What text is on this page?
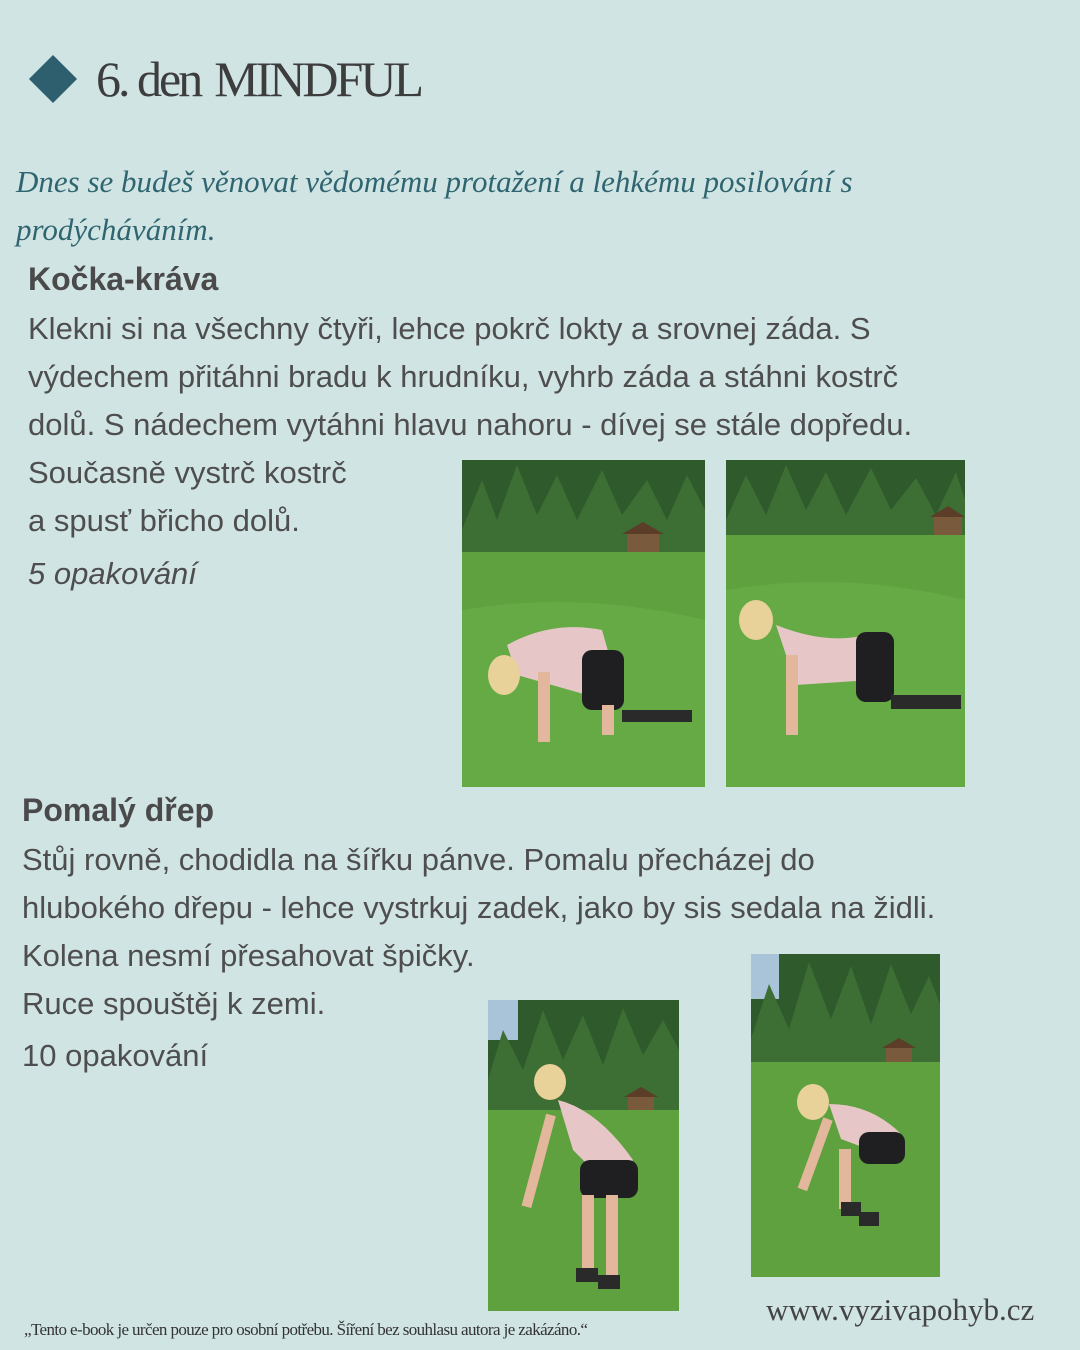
6. den MINDFUL
Dnes se budeš věnovat vědomému protažení a lehkému posilování s prodýcháváním.
Kočka-kráva
Klekni si na všechny čtyři, lehce pokrč lokty a srovnej záda. S
výdechem přitáhni bradu k hrudníku, vyhrb záda a stáhni kostrč
dolů. S nádechem vytáhni hlavu nahoru - dívej se stále dopředu.
Současně vystrč kostrč
a spusť břicho dolů.
5 opakování
Pomalý dřep
Stůj rovně, chodidla na šířku pánve. Pomalu přecházej do
hlubokého dřepu - lehce vystrkuj zadek, jako by sis sedala na židli.
Kolena nesmí přesahovat špičky.
Ruce spouštěj k zemi.
10 opakování
„Tento e-book je určen pouze pro osobní potřebu. Šíření bez souhlasu autora je zakázáno.“
www.vyzivapohyb.cz
